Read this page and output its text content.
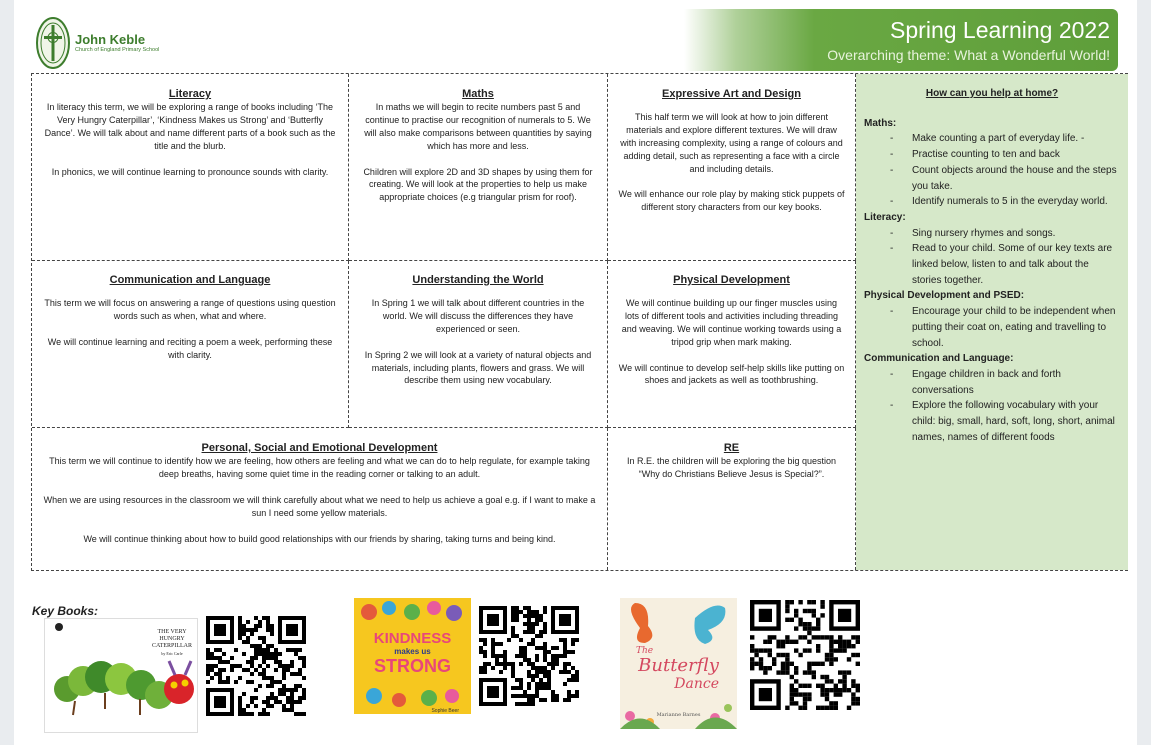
John Keble
Church of England Primary School
Spring Learning 2022
Overarching theme: What a Wonderful World!
Literacy

In literacy this term, we will be exploring a range of books including ‘The Very Hungry Caterpillar’, ‘Kindness Makes us Strong’ and ‘Butterfly Dance’. We will talk about and name different parts of a book such as the title and the blurb.

In phonics, we will continue learning to pronounce sounds with clarity.

Maths

In maths we will begin to recite numbers past 5 and continue to practise our recognition of numerals to 5. We will also make comparisons between quantities by saying which has more and less.

Children will explore 2D and 3D shapes by using them for creating. We will look at the properties to help us make appropriate choices (e.g triangular prism for roof).

Expressive Art and Design

This half term we will look at how to join different materials and explore different textures. We will draw with increasing complexity, using a range of colours and adding detail, such as representing a face with a circle and including details.

We will enhance our role play by making stick puppets of different story characters from our key books.

Communication and Language

This term we will focus on answering a range of questions using question words such as when, what and where.

We will continue learning and reciting a poem a week, performing these with clarity.

Understanding the World

In Spring 1 we will talk about different countries in the world. We will discuss the differences they have experienced or seen.

In Spring 2 we will look at a variety of natural objects and materials, including plants, flowers and grass. We will describe them using new vocabulary.

Physical Development

We will continue building up our finger muscles using lots of different tools and activities including threading and weaving. We will continue working towards using a tripod grip when mark making.

We will continue to develop self-help skills like putting on shoes and jackets as well as toothbrushing.

Personal, Social and Emotional Development

This term we will continue to identify how we are feeling, how others are feeling and what we can do to help regulate, for example taking deep breaths, having some quiet time in the reading corner or talking to an adult.

When we are using resources in the classroom we will think carefully about what we need to help us achieve a goal e.g. if I want to make a sun I need some yellow materials.

We will continue thinking about how to build good relationships with our friends by sharing, taking turns and being kind.

RE

In R.E. the children will be exploring the big question “Why do Christians Believe Jesus is Special?”.

How can you help at home?
Maths:
- Make counting a part of everyday life. -
- Practise counting to ten and back
- Count objects around the house and the steps you take.
- Identify numerals to 5 in the everyday world.
Literacy:
- Sing nursery rhymes and songs.
- Read to your child. Some of our key texts are linked below, listen to and talk about the stories together.
Physical Development and PSED:
- Encourage your child to be independent when putting their coat on, eating and travelling to school.
Communication and Language:
- Engage children in back and forth conversations
- Explore the following vocabulary with your child: big, small, hard, soft, long, short, animal names, names of different foods
Key Books:
THE VERY
HUNGRY
CATERPILLAR
by Eric Carle
KINDNESS
makes us
STRONG
Sophie Beer
The
Butterfly
Dance
Marianne Barnes
